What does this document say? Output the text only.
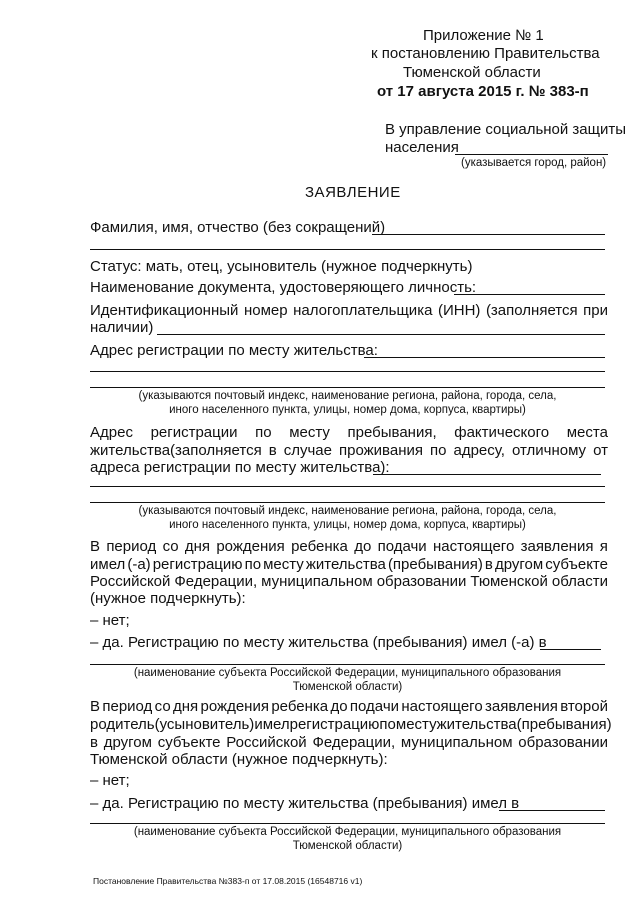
Приложение № 1
к постановлению Правительства
Тюменской области
от 17 августа 2015 г. № 383-п
В управление социальной защиты
населения
(указывается город, район)
ЗАЯВЛЕНИЕ
Фамилия, имя, отчество (без сокращений)
Статус: мать, отец, усыновитель (нужное подчеркнуть)
Наименование документа, удостоверяющего личность:
Идентификационный номер налогоплательщика (ИНН) (заполняется при
наличии)
Адрес регистрации по месту жительства:
(указываются почтовый индекс, наименование региона, района, города, села,
иного населенного пункта, улицы, номер дома, корпуса, квартиры)
Адрес регистрации по месту пребывания, фактического места
жительства(заполняется в случае проживания по адресу, отличному от
адреса регистрации по месту жительства):
(указываются почтовый индекс, наименование региона, района, города, села,
иного населенного пункта, улицы, номер дома, корпуса, квартиры)
В период со дня рождения ребенка до подачи настоящего заявления я
имел (-а) регистрацию по месту жительства (пребывания) в другом субъекте
Российской Федерации, муниципальном образовании Тюменской области
(нужное подчеркнуть):
– нет;
– да. Регистрацию по месту жительства (пребывания) имел (-а) в
(наименование субъекта Российской Федерации, муниципального образования
Тюменской области)
В период со дня рождения ребенка до подачи настоящего заявления второй
родитель (усыновитель) имел регистрацию по месту жительства (пребывания)
в другом субъекте Российской Федерации, муниципальном образовании
Тюменской области (нужное подчеркнуть):
– нет;
– да. Регистрацию по месту жительства (пребывания) имел в
(наименование субъекта Российской Федерации, муниципального образования
Тюменской области)
Постановление Правительства №383-п от 17.08.2015 (16548716 v1)
